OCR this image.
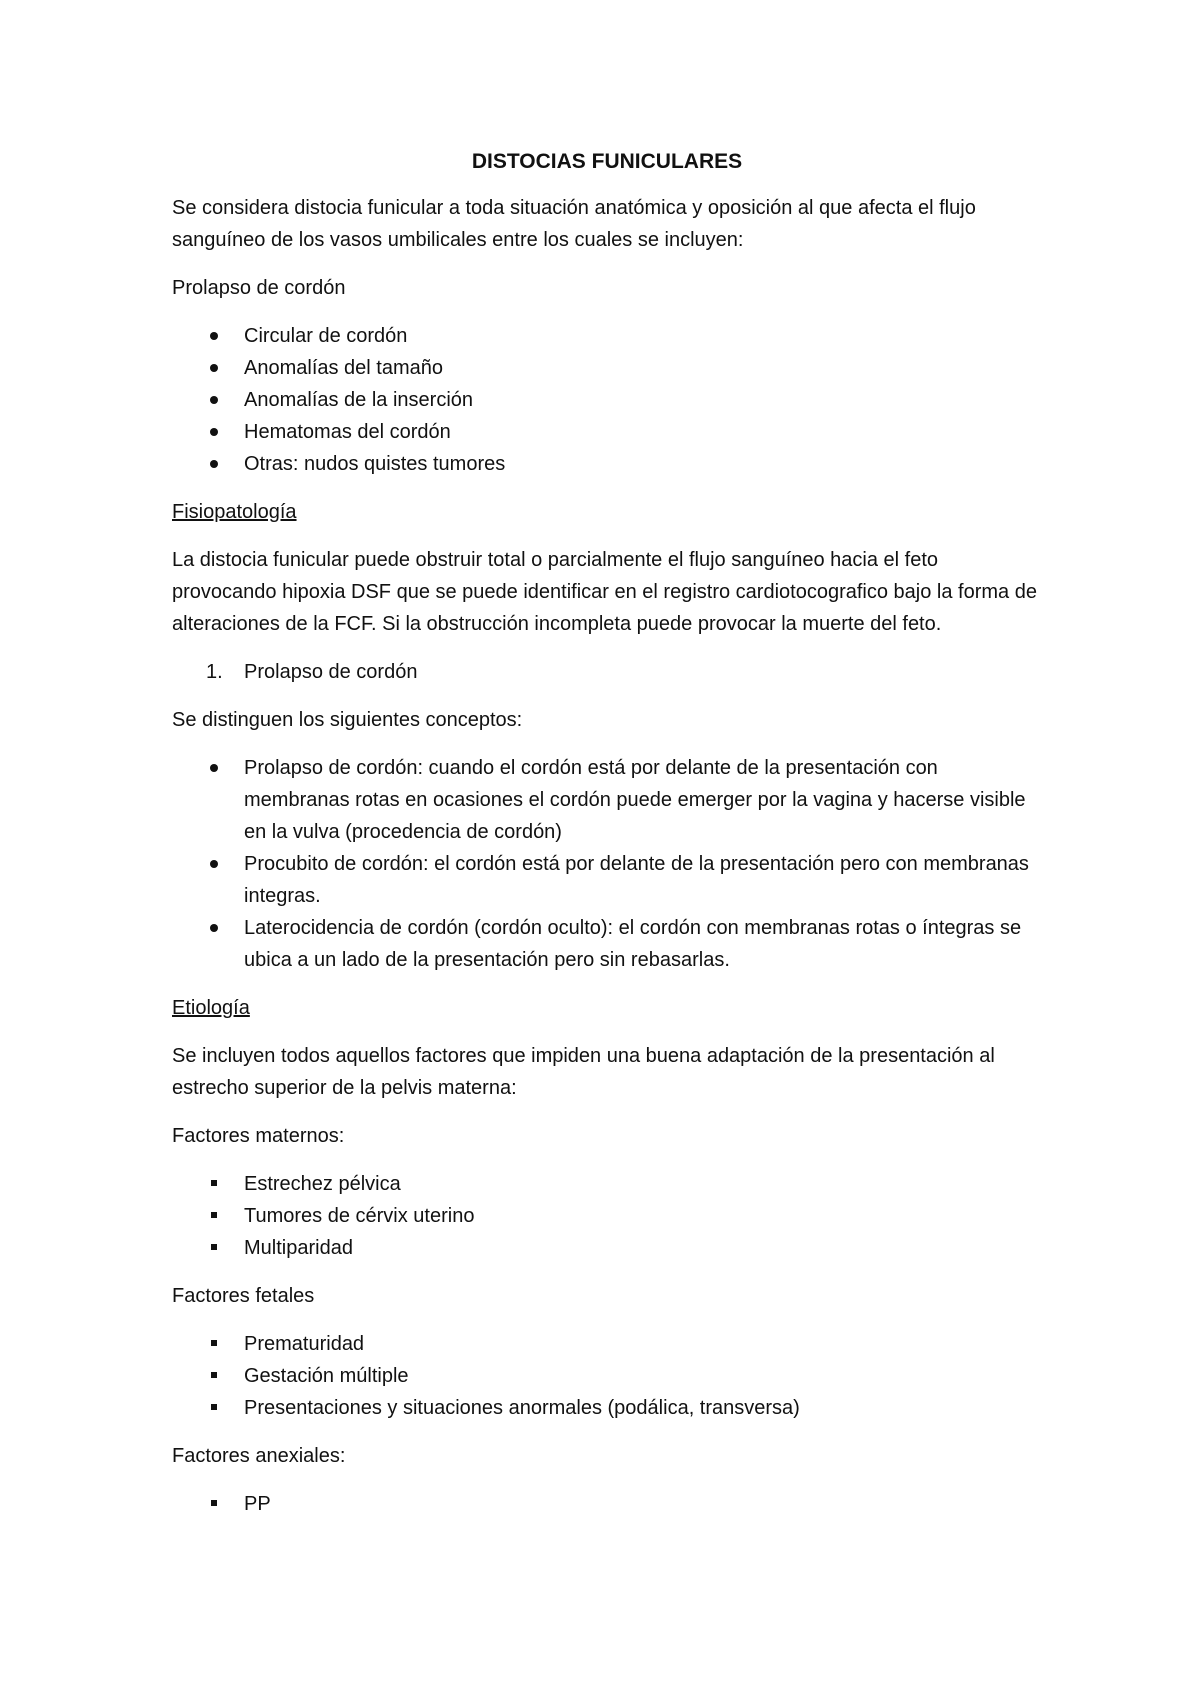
DISTOCIAS FUNICULARES

Se considera distocia funicular a toda situación anatómica y oposición al que afecta el flujo sanguíneo de los vasos umbilicales entre los cuales se incluyen:

Prolapso de cordón

Circular de cordón
Anomalías del tamaño
Anomalías de la inserción
Hematomas del cordón
Otras: nudos quistes tumores

Fisiopatología

La distocia funicular puede obstruir total o parcialmente el flujo sanguíneo hacia el feto provocando hipoxia DSF que se puede identificar en el registro cardiotocografico bajo la forma de alteraciones de la FCF. Si la obstrucción incompleta puede provocar la muerte del feto.

1. Prolapso de cordón

Se distinguen los siguientes conceptos:

Prolapso de cordón: cuando el cordón está por delante de la presentación con membranas rotas en ocasiones el cordón puede emerger por la vagina y hacerse visible en la vulva (procedencia de cordón)
Procubito de cordón: el cordón está por delante de la presentación pero con membranas integras.
Laterocidencia de cordón (cordón oculto): el cordón con membranas rotas o íntegras se ubica a un lado de la presentación pero sin rebasarlas.

Etiología

Se incluyen todos aquellos factores que impiden una buena adaptación de la presentación al estrecho superior de la pelvis materna:

Factores maternos:

Estrechez pélvica
Tumores de cérvix uterino
Multiparidad

Factores fetales

Prematuridad
Gestación múltiple
Presentaciones y situaciones anormales (podálica, transversa)

Factores anexiales:

PP
